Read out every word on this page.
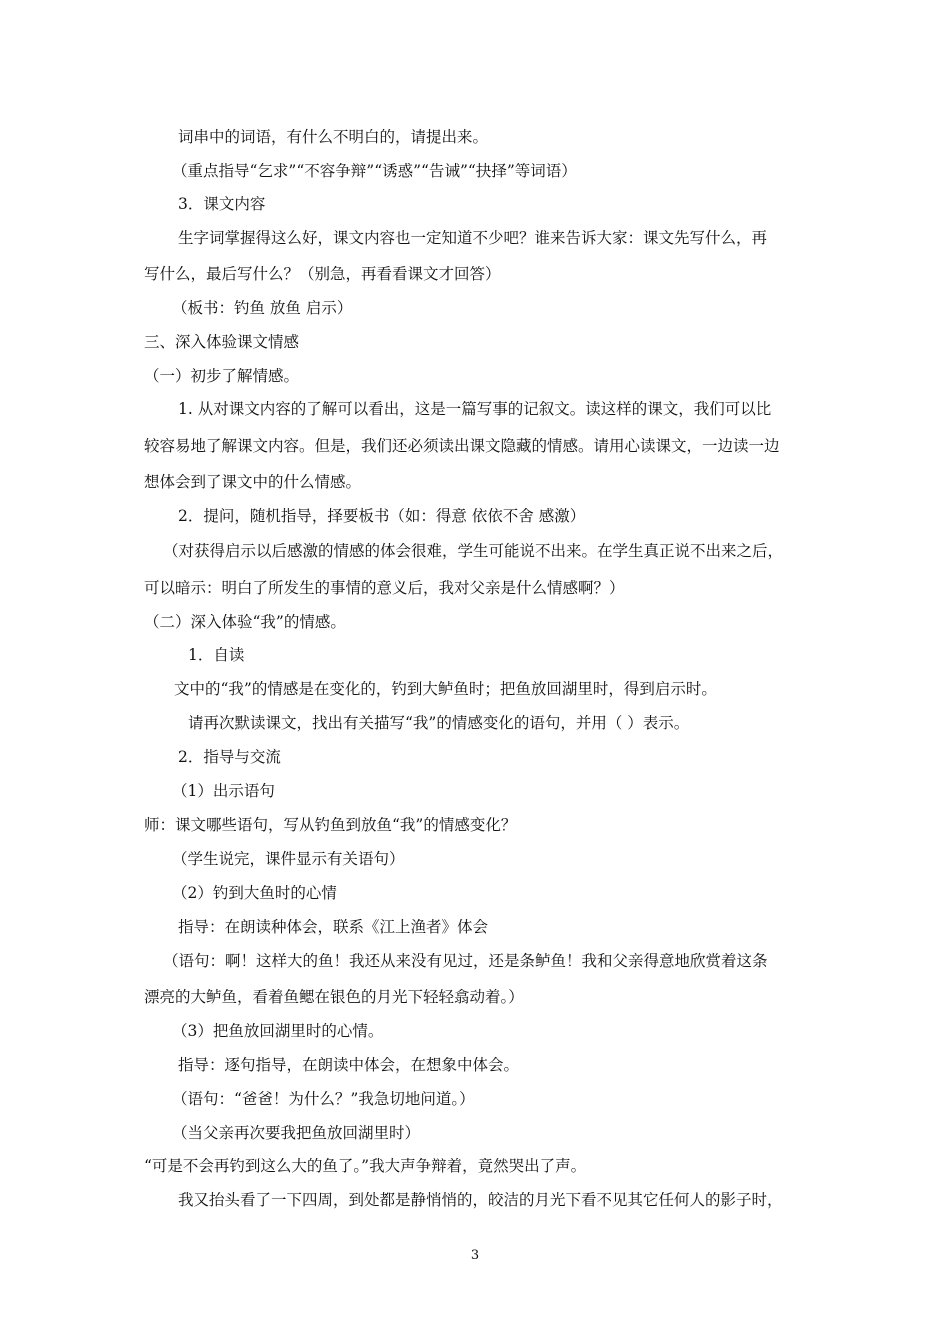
词串中的词语，有什么不明白的，请提出来。
（重点指导“乞求”“不容争辩”“诱惑”“告诫”“抉择”等词语）
3．课文内容
生字词掌握得这么好，课文内容也一定知道不少吧？谁来告诉大家：课文先写什么，再
写什么，最后写什么？（别急，再看看课文才回答）
（板书：钓鱼 放鱼 启示）
三、深入体验课文情感
（一）初步了解情感。
1. 从对课文内容的了解可以看出，这是一篇写事的记叙文。读这样的课文，我们可以比
较容易地了解课文内容。但是，我们还必须读出课文隐藏的情感。请用心读课文，一边读一边
想体会到了课文中的什么情感。
2．提问，随机指导，择要板书（如：得意 依依不舍 感激）
（对获得启示以后感激的情感的体会很难，学生可能说不出来。在学生真正说不出来之后，
可以暗示：明白了所发生的事情的意义后，我对父亲是什么情感啊？）
（二）深入体验“我”的情感。
1．自读
文中的“我”的情感是在变化的，钓到大鲈鱼时；把鱼放回湖里时，得到启示时。
请再次默读课文，找出有关描写“我”的情感变化的语句，并用（ ）表示。
2．指导与交流
（1）出示语句
师：课文哪些语句，写从钓鱼到放鱼“我”的情感变化？
（学生说完，课件显示有关语句）
（2）钓到大鱼时的心情
指导：在朗读种体会，联系《江上渔者》体会
（语句：啊！这样大的鱼！我还从来没有见过，还是条鲈鱼！我和父亲得意地欣赏着这条
漂亮的大鲈鱼，看着鱼鳃在银色的月光下轻轻翕动着。）
（3）把鱼放回湖里时的心情。
指导：逐句指导，在朗读中体会，在想象中体会。
（语句：“爸爸！为什么？”我急切地问道。）
（当父亲再次要我把鱼放回湖里时）
“可是不会再钓到这么大的鱼了。”我大声争辩着，竟然哭出了声。
我又抬头看了一下四周，到处都是静悄悄的，皎洁的月光下看不见其它任何人的影子时，
3
